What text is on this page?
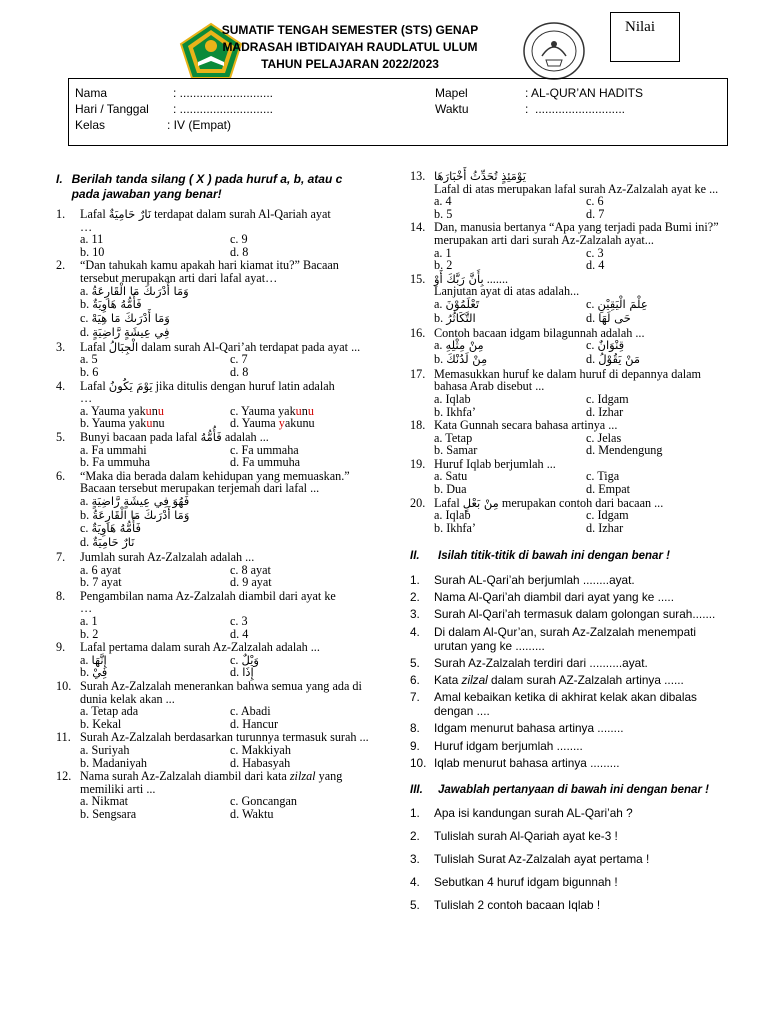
SUMATIF TENGAH SEMESTER (STS) GENAP
MADRASAH IBTIDAIYAH RAUDLATUL ULUM
TAHUN PELAJARAN 2022/2023
Nilai
Nama	: ............................
Hari / Tanggal : ............................
Kelas	: IV (Empat)
Mapel	: AL-QUR’AN HADITS
Waktu	:  ...........................
I. Berilah tanda silang ( X ) pada huruf a, b, atau c pada jawaban yang benar!
1. Lafal نَارٌ حَامِيَةٌ terdapat dalam surah Al-Qariah ayat
…
a. 11	c. 9
b. 10	d. 8
2. “Dan tahukah kamu apakah hari kiamat itu?” Bacaan tersebut merupakan arti dari lafal ayat…
a. وَمَا أَدْرَىكَ مَا الْقَارِعَةُ
b. فَأُمُّهُ هَاوِيَةٌ
c. وَمَا أَدْرَىكَ مَا هِيَهْ
d. فِي عِيشَةٍ رَّاضِيَةٍ
3. Lafal الْجِبَالُ dalam surah Al-Qari’ah terdapat pada ayat ...
a. 5	c. 7
b. 6	d. 8
4. Lafal يَوْمَ يَكُونُ jika ditulis dengan huruf latin adalah
…
a. Yauma yakunu	c. Yauma yakunu
b. Yauma yakunu	d. Yauma yakunu
5. Bunyi bacaan pada lafal فَأُمُّهُ adalah ...
a. Fa ummahi	c. Fa ummaha
b. Fa ummuha	d. Fa ummuha
6. “Maka dia berada dalam kehidupan yang memuaskan.” Bacaan tersebut merupakan terjemah dari lafal ...
a. فَهُوَ فِي عِيشَةٍ رَّاضِيَةٍ
b. وَمَا أَدْرَىكَ مَا الْقَارِعَةُ
c. فَأُمُّهُ هَاوِيَةٌ
d. نَارٌ حَامِيَةٌ
7. Jumlah surah Az-Zalzalah adalah ...
a. 6 ayat	c. 8 ayat
b. 7 ayat	d. 9 ayat
8. Pengambilan nama Az-Zalzalah diambil dari ayat ke
…
a. 1	c. 3
b. 2	d. 4
9. Lafal pertama dalam surah Az-Zalzalah adalah ...
a. إِنَّهَا	c. وَيْلٌ
b. فِيْ	d. إِذَا
10. Surah Az-Zalzalah menerankan bahwa semua yang ada di dunia kelak akan ...
a. Tetap ada	c. Abadi
b. Kekal	d. Hancur
11. Surah Az-Zalzalah berdasarkan turunnya termasuk surah ...
a. Suriyah	c. Makkiyah
b. Madaniyah	d. Habasyah
12. Nama surah Az-Zalzalah diambil dari kata zilzal yang memiliki arti ...
a. Nikmat	c. Goncangan
b. Sengsara	d. Waktu
13. يَوْمَئِذٍ تُحَدِّثُ أَخْبَارَهَا
Lafal di atas merupakan lafal surah Az-Zalzalah ayat ke ...
a. 4	c. 6
b. 5	d. 7
14. Dan, manusia bertanya “Apa yang terjadi pada Bumi ini?” merupakan arti dari surah Az-Zalzalah ayat...
a. 1	c. 3
b. 2	d. 4
15. بِأَنَّ رَبَّكَ أَوْ .......
Lanjutan ayat di atas adalah...
a. تَعْلَمُوْنَ	c. عِلْمَ الْيَقِيْنِ
b. التَّكَاثُرُ	d. حَى لَهَا
16. Contoh bacaan idgam bilagunnah adalah ...
a. مِنْ مِثْلِهِ	c. قِنْوَانٌ
b. مِنْ لَدُنْكَ	d. مَنْ يَقُوْلُ
17. Memasukkan huruf ke dalam huruf di depannya dalam bahasa Arab disebut ...
a. Iqlab	c. Idgam
b. Ikhfa’	d. Izhar
18. Kata Gunnah secara bahasa artinya ...
a. Tetap	c. Jelas
b. Samar	d. Mendengung
19. Huruf Iqlab berjumlah ...
a. Satu	c. Tiga
b. Dua	d. Empat
20. Lafal مِنْ بَعْلٍ merupakan contoh dari bacaan ...
a. Iqlab	c. Idgam
b. Ikhfa’	d. Izhar
II. Isilah titik-titik di bawah ini dengan benar !
1. Surah AL-Qari’ah berjumlah ........ayat.
2. Nama Al-Qari’ah diambil dari ayat yang ke .....
3. Surah Al-Qari’ah termasuk dalam golongan surah.......
4. Di dalam Al-Qur’an, surah Az-Zalzalah menempati urutan yang ke .........
5. Surah Az-Zalzalah terdiri dari ..........ayat.
6. Kata zilzal dalam surah AZ-Zalzalah artinya ......
7. Amal kebaikan ketika di akhirat kelak akan dibalas dengan ....
8. Idgam menurut bahasa artinya ........
9. Huruf idgam berjumlah ........
10. Iqlab menurut bahasa artinya .........
III. Jawablah pertanyaan di bawah ini dengan benar !
1. Apa isi kandungan surah AL-Qari’ah ?
2. Tulislah surah Al-Qariah ayat ke-3 !
3. Tulislah Surat Az-Zalzalah ayat pertama !
4. Sebutkan 4 huruf idgam bigunnah !
5. Tulislah 2 contoh bacaan Iqlab !
